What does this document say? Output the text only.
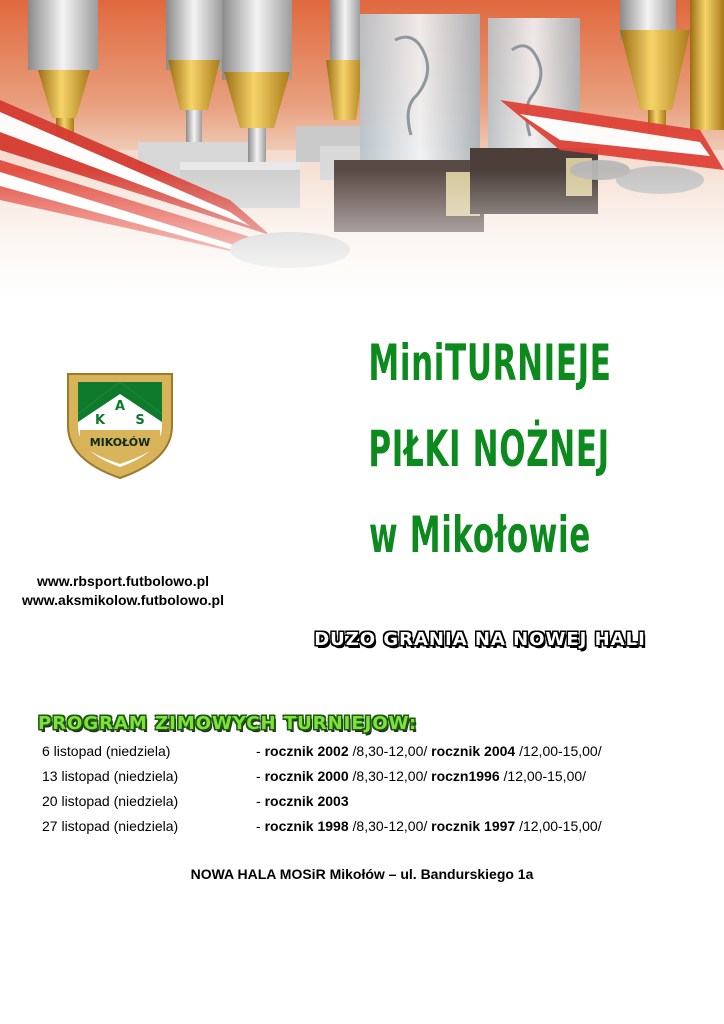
A
K S
MIKOŁÓW
MiniTURNIEJE
PIŁKI NOŻNEJ
w Mikołowie
www.rbsport.futbolowo.pl
www.aksmikolow.futbolowo.pl
DUZO GRANIA NA NOWEJ HALI
PROGRAM ZIMOWYCH TURNIEJOW:
6 listopad (niedziela)	- rocznik 2002 /8,30-12,00/ rocznik 2004 /12,00-15,00/
13 listopad (niedziela)	- rocznik 2000 /8,30-12,00/ roczn1996 /12,00-15,00/
20 listopad (niedziela)	- rocznik 2003
27 listopad (niedziela)	- rocznik 1998 /8,30-12,00/ rocznik 1997 /12,00-15,00/
NOWA HALA MOSiR Mikołów – ul. Bandurskiego 1a
